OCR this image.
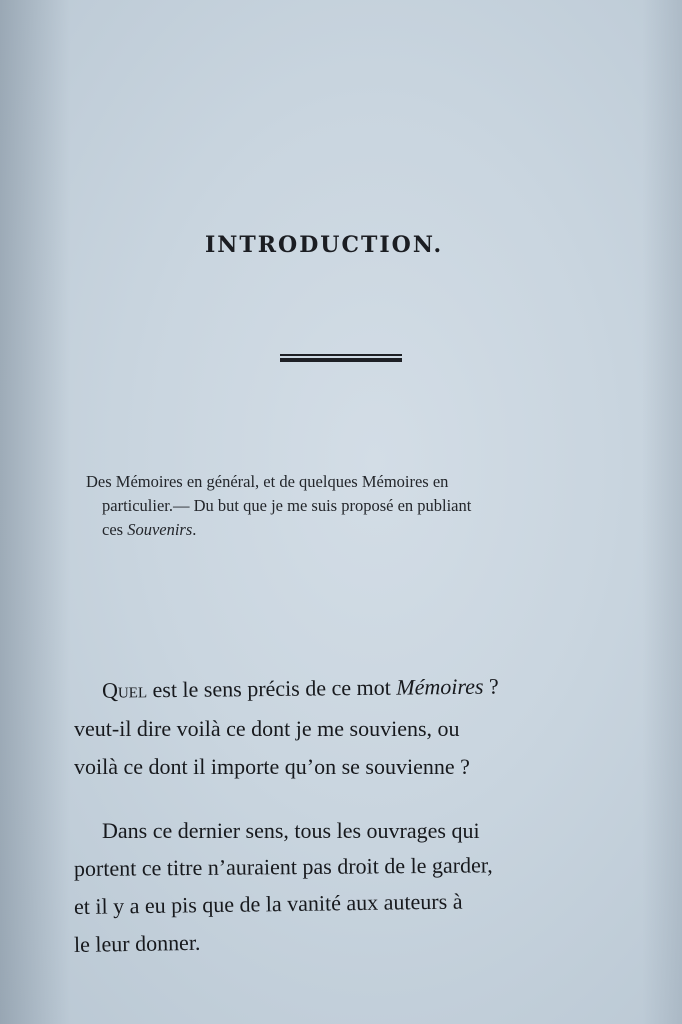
INTRODUCTION.
Des Mémoires en général, et de quelques Mémoires en
particulier.— Du but que je me suis proposé en publiant
ces Souvenirs.
Quel est le sens précis de ce mot Mémoires ?
veut-il dire voilà ce dont je me souviens, ou
voilà ce dont il importe qu’on se souvienne ?
Dans ce dernier sens, tous les ouvrages qui
portent ce titre n’auraient pas droit de le garder,
et il y a eu pis que de la vanité aux auteurs à
le leur donner.
